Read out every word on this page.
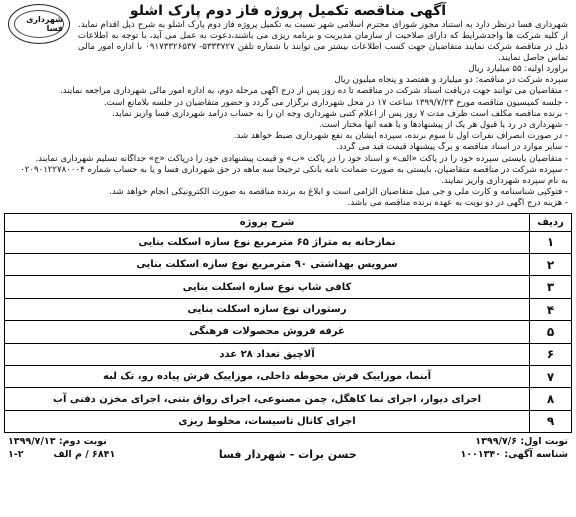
شهرداری فسا
آگهی مناقصه تکمیل پروژه فاز دوم پارک اشلو

شهرداری فسا درنظر دارد به استناد مجوز شورای محترم اسلامی شهر نسبت به تکمیل پروژه فاز دوم پارک اشلو به شرح ذیل اقدام نماید. از کلیه شرکت ها واجدشرایط که دارای صلاحیت از سازمان مدیریت و برنامه ریزی می باشند،دعوت به عمل می آید، با توجه به اطلاعات ذیل در مناقصه شرکت نمایند متقاضیان جهت کسب اطلاعات بیشتر می توانند با شماره تلفن ۵۳۳۳۷۲۷- ۰۹۱۷۳۳۲۶۵۳۷ با اداره امور مالی تماس حاصل نمایند.

برآورد اولیه: ۵۵ میلیارد ریال
سپرده شرکت در مناقصه: دو میلیارد و هفتصد و پنجاه میلیون ریال
- متقاضیان می توانند جهت دریافت اسناد شرکت در مناقصه تا ده روز پس از درج آگهی مرحله دوم، به اداره امور مالی شهرداری مراجعه نمایند.
- جلسه کمیسیون مناقصه مورخ ۱۳۹۹/۷/۲۳ ساعت ۱۷ در محل شهرداری برگزار می گردد و حضور متقاضیان در جلسه بلامانع است.
- برنده مناقصه مکلف است ظرف مدت ۷ روز پس از اعلام کتبی شهرداری وجه آن را به حساب درآمد شهرداری فسا واریز نماید.
- شهرداری در رد یا قبول هر یک از پیشنهادها و یا همه آنها مختار است.
- در صورت انصراف نفرات اول تا سوم برنده، سپرده ایشان به نفع شهرداری ضبط خواهد شد.
- سایر موارد در اسناد مناقصه و برگ پیشنهاد قیمت قید می گردد.
- متقاضیان بایستی سپرده خود را در پاکت «الف» و اسناد خود را در پاکت «ب» و قیمت پیشنهادی خود را درپاکت «ج» جداگانه تسلیم شهرداری نمایند.
- سپرده شرکت در مناقصه متقاضیان، بایستی به صورت ضمانت نامه بانکی ترجیحا سه ماهه در حق شهرداری فسا و یا به حساب شماره ۰۲۰۹۰۱۲۲۷۸۰۰۰۴
به نام سپرده شهرداری واریز نمایند.
- فتوکپی شناسنامه و کارت ملی و جی میل متقاضیان الزامی است و ابلاغ به برنده مناقصه به صورت الکترونیکی انجام خواهد شد.
- هزینه درج آگهی در دو نوبت به عهده برنده مناقصه می باشد.
ردیف
شرح پروژه
۱
نمازخانه به متراژ ۶۵ مترمربع نوع سازه اسکلت بنایی
۲
سرویس بهداشتی ۹۰ مترمربع نوع سازه اسکلت بنایی
۳
کافی شاپ نوع سازه اسکلت بنایی
۴
رستوران نوع سازه اسکلت بنایی
۵
غرفه فروش محصولات فرهنگی
۶
آلاچیق تعداد ۲۸ عدد
۷
آبنما، موزاییک فرش محوطه داخلی، موزاییک فرش پیاده رو، تک لبه
۸
اجرای دیوار، اجرای نما کاهگل، چمن مصنوعی، اجرای رواق بتنی، اجرای مخزن دفنی آب
۹
اجرای کانال تاسیسات، مخلوط ریزی
نوبت اول: ۱۳۹۹/۷/۶
شناسه آگهی: ۱۰۰۱۳۴۰
حسن برات - شهردار فسا
نوبت دوم: ۱۳۹۹/۷/۱۳
۶۸۴۱ / م الف
۱-۲
